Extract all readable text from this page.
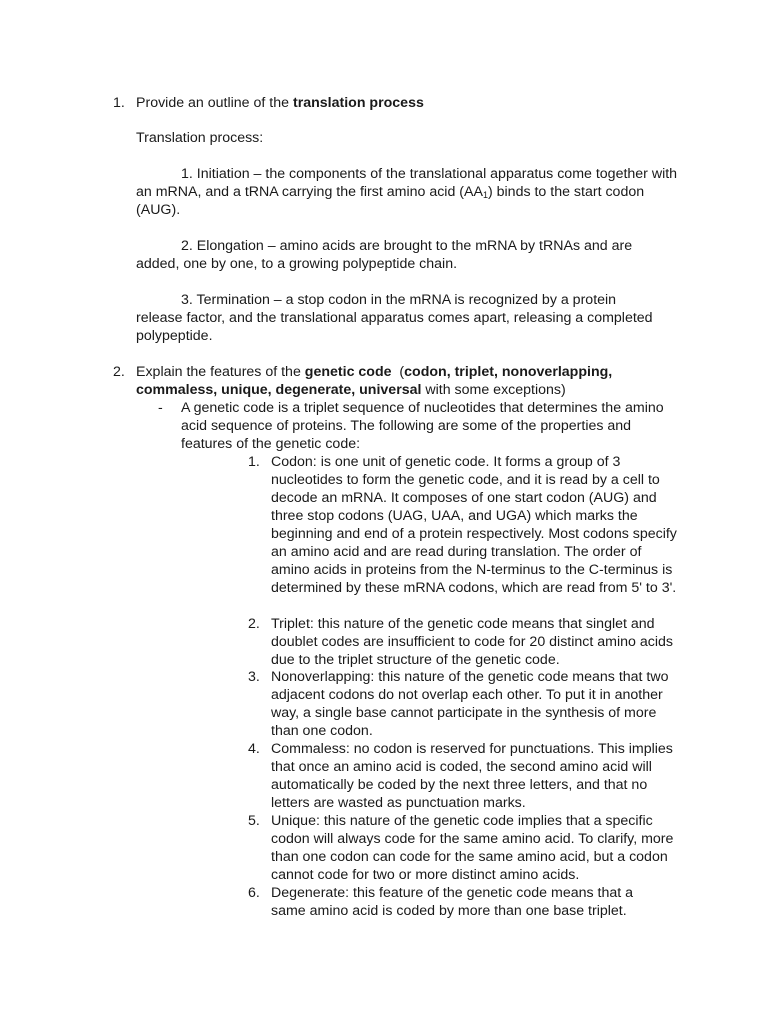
1. Provide an outline of the translation process

Translation process:

1. Initiation – the components of the translational apparatus come together with an mRNA, and a tRNA carrying the first amino acid $(AA_1)$ binds to the start codon (AUG).

2. Elongation – amino acids are brought to the mRNA by tRNAs and are added, one by one, to a growing polypeptide chain.

3. Termination – a stop codon in the mRNA is recognized by a protein release factor, and the translational apparatus comes apart, releasing a completed polypeptide.

2. Explain the features of the genetic code  (codon, triplet, nonoverlapping, commaless, unique, degenerate, universal with some exceptions)

- A genetic code is a triplet sequence of nucleotides that determines the amino acid sequence of proteins. The following are some of the properties and features of the genetic code:

1. Codon: is one unit of genetic code. It forms a group of 3 nucleotides to form the genetic code, and it is read by a cell to decode an mRNA. It composes of one start codon (AUG) and three stop codons (UAG, UAA, and UGA) which marks the beginning and end of a protein respectively. Most codons specify an amino acid and are read during translation. The order of amino acids in proteins from the N-terminus to the C-terminus is determined by these mRNA codons, which are read from 5' to 3'.

2. Triplet: this nature of the genetic code means that singlet and doublet codes are insufficient to code for 20 distinct amino acids due to the triplet structure of the genetic code.

3. Nonoverlapping: this nature of the genetic code means that two adjacent codons do not overlap each other. To put it in another way, a single base cannot participate in the synthesis of more than one codon.

4. Commaless: no codon is reserved for punctuations. This implies that once an amino acid is coded, the second amino acid will automatically be coded by the next three letters, and that no letters are wasted as punctuation marks.

5. Unique: this nature of the genetic code implies that a specific codon will always code for the same amino acid. To clarify, more than one codon can code for the same amino acid, but a codon cannot code for two or more distinct amino acids.

6. Degenerate: this feature of the genetic code means that a same amino acid is coded by more than one base triplet.
